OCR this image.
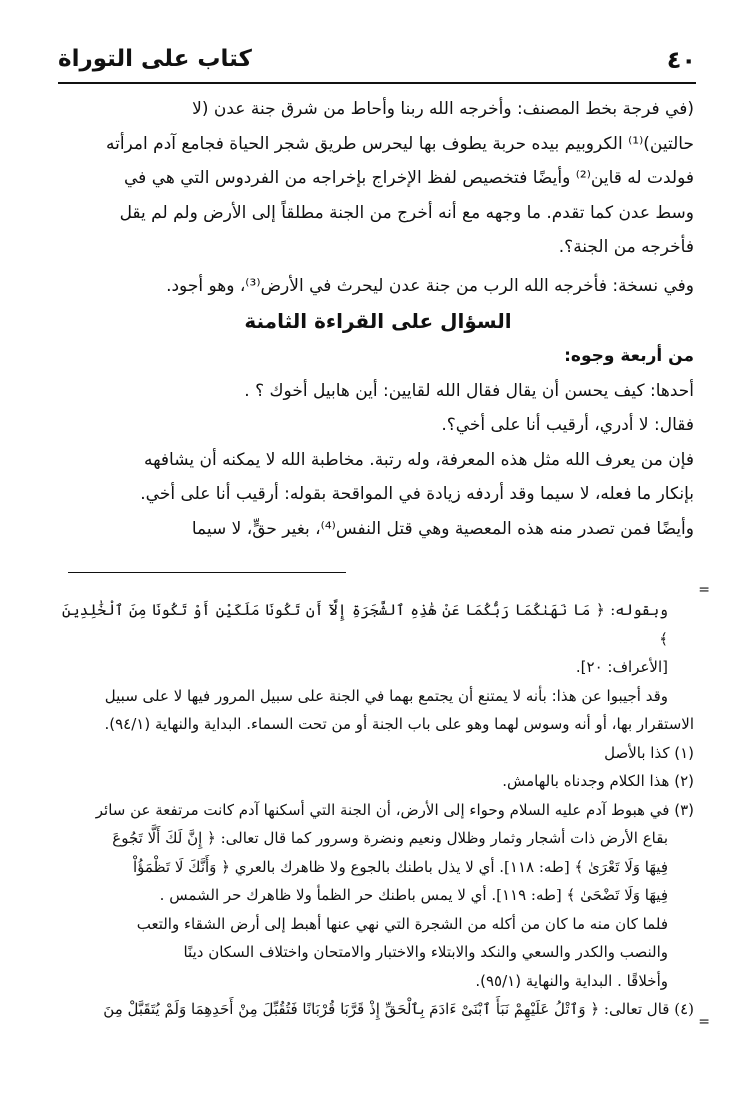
٤٠
كتاب على التوراة

(في فرجة بخط المصنف: وأخرجه الله ربنا وأحاط من شرق جنة عدن (لا

حالتين)⁽¹⁾ الكروبيم بيده حربة يطوف بها ليحرس طريق شجر الحياة فجامع آدم امرأته

فولدت له قاين⁽²⁾ وأيضًا فتخصيص لفظ الإخراج بإخراجه من الفردوس التي هي في

وسط عدن كما تقدم. ما وجهه مع أنه أخرج من الجنة مطلقاً إلى الأرض ولم لم يقل

فأخرجه من الجنة؟.

وفي نسخة: فأخرجه الله الرب من جنة عدن ليحرث في الأرض⁽³⁾، وهو أجود.

السؤال على القراءة الثامنة

من أربعة وجوه:

أحدها: كيف يحسن أن يقال فقال الله لقايين: أين هابيل أخوك ؟ .

فقال: لا أدري، أرقيب أنا على أخي؟.

فإن من يعرف الله مثل هذه المعرفة، وله رتبة. مخاطبة الله لا يمكنه أن يشافهه

بإنكار ما فعله، لا سيما وقد أردفه زيادة في المواقحة بقوله: أرقيب أنا على أخي.

وأيضًا فمن تصدر منه هذه المعصية وهي قتل النفس⁽⁴⁾، بغير حقٍّ، لا سيما

=

وبقوله: ﴿ مَا نَهَىٰكُمَا رَبُّكُمَا عَنْ هَٰذِهِ ٱلشَّجَرَةِ إِلَّآ أَن تَكُونَا مَلَكَيْنِ أَوْ تَكُونَا مِنَ ٱلْخَٰلِدِينَ ﴾

[الأعراف: ٢٠].

وقد أجيبوا عن هذا: بأنه لا يمتنع أن يجتمع بهما في الجنة على سبيل المرور فيها لا على سبيل

الاستقرار بها، أو أنه وسوس لهما وهو على باب الجنة أو من تحت السماء. البداية والنهاية (٩٤/١).

(١) كذا بالأصل

(٢) هذا الكلام وجدناه بالهامش.

(٣) في هبوط آدم عليه السلام وحواء إلى الأرض، أن الجنة التي أسكنها آدم كانت مرتفعة عن سائر

بقاع الأرض ذات أشجار وثمار وظلال ونعيم ونضرة وسرور كما قال تعالى: ﴿ إِنَّ لَكَ أَلَّا تَجُوعَ

فِيهَا وَلَا تَعْرَىٰ ﴾ [طه: ١١٨]. أي لا يذل باطنك بالجوع ولا ظاهرك بالعري ﴿ وَأَنَّكَ لَا تَظْمَؤُاْ

فِيهَا وَلَا تَضْحَىٰ ﴾ [طه: ١١٩]. أي لا يمس باطنك حر الظمأ ولا ظاهرك حر الشمس .

فلما كان منه ما كان من أكله من الشجرة التي نهي عنها أهبط إلى أرض الشقاء والتعب

والنصب والكدر والسعي والنكد والابتلاء والاختبار والامتحان واختلاف السكان دينًا

وأخلاقًا . البداية والنهاية (٩٥/١).

(٤) قال تعالى: ﴿ وَٱتْلُ عَلَيْهِمْ نَبَأَ ٱبْنَىْ ءَادَمَ بِٱلْحَقِّ إِذْ قَرَّبَا قُرْبَانًا فَتُقُبِّلَ مِنْ أَحَدِهِمَا وَلَمْ يُتَقَبَّلْ مِنَ

=
